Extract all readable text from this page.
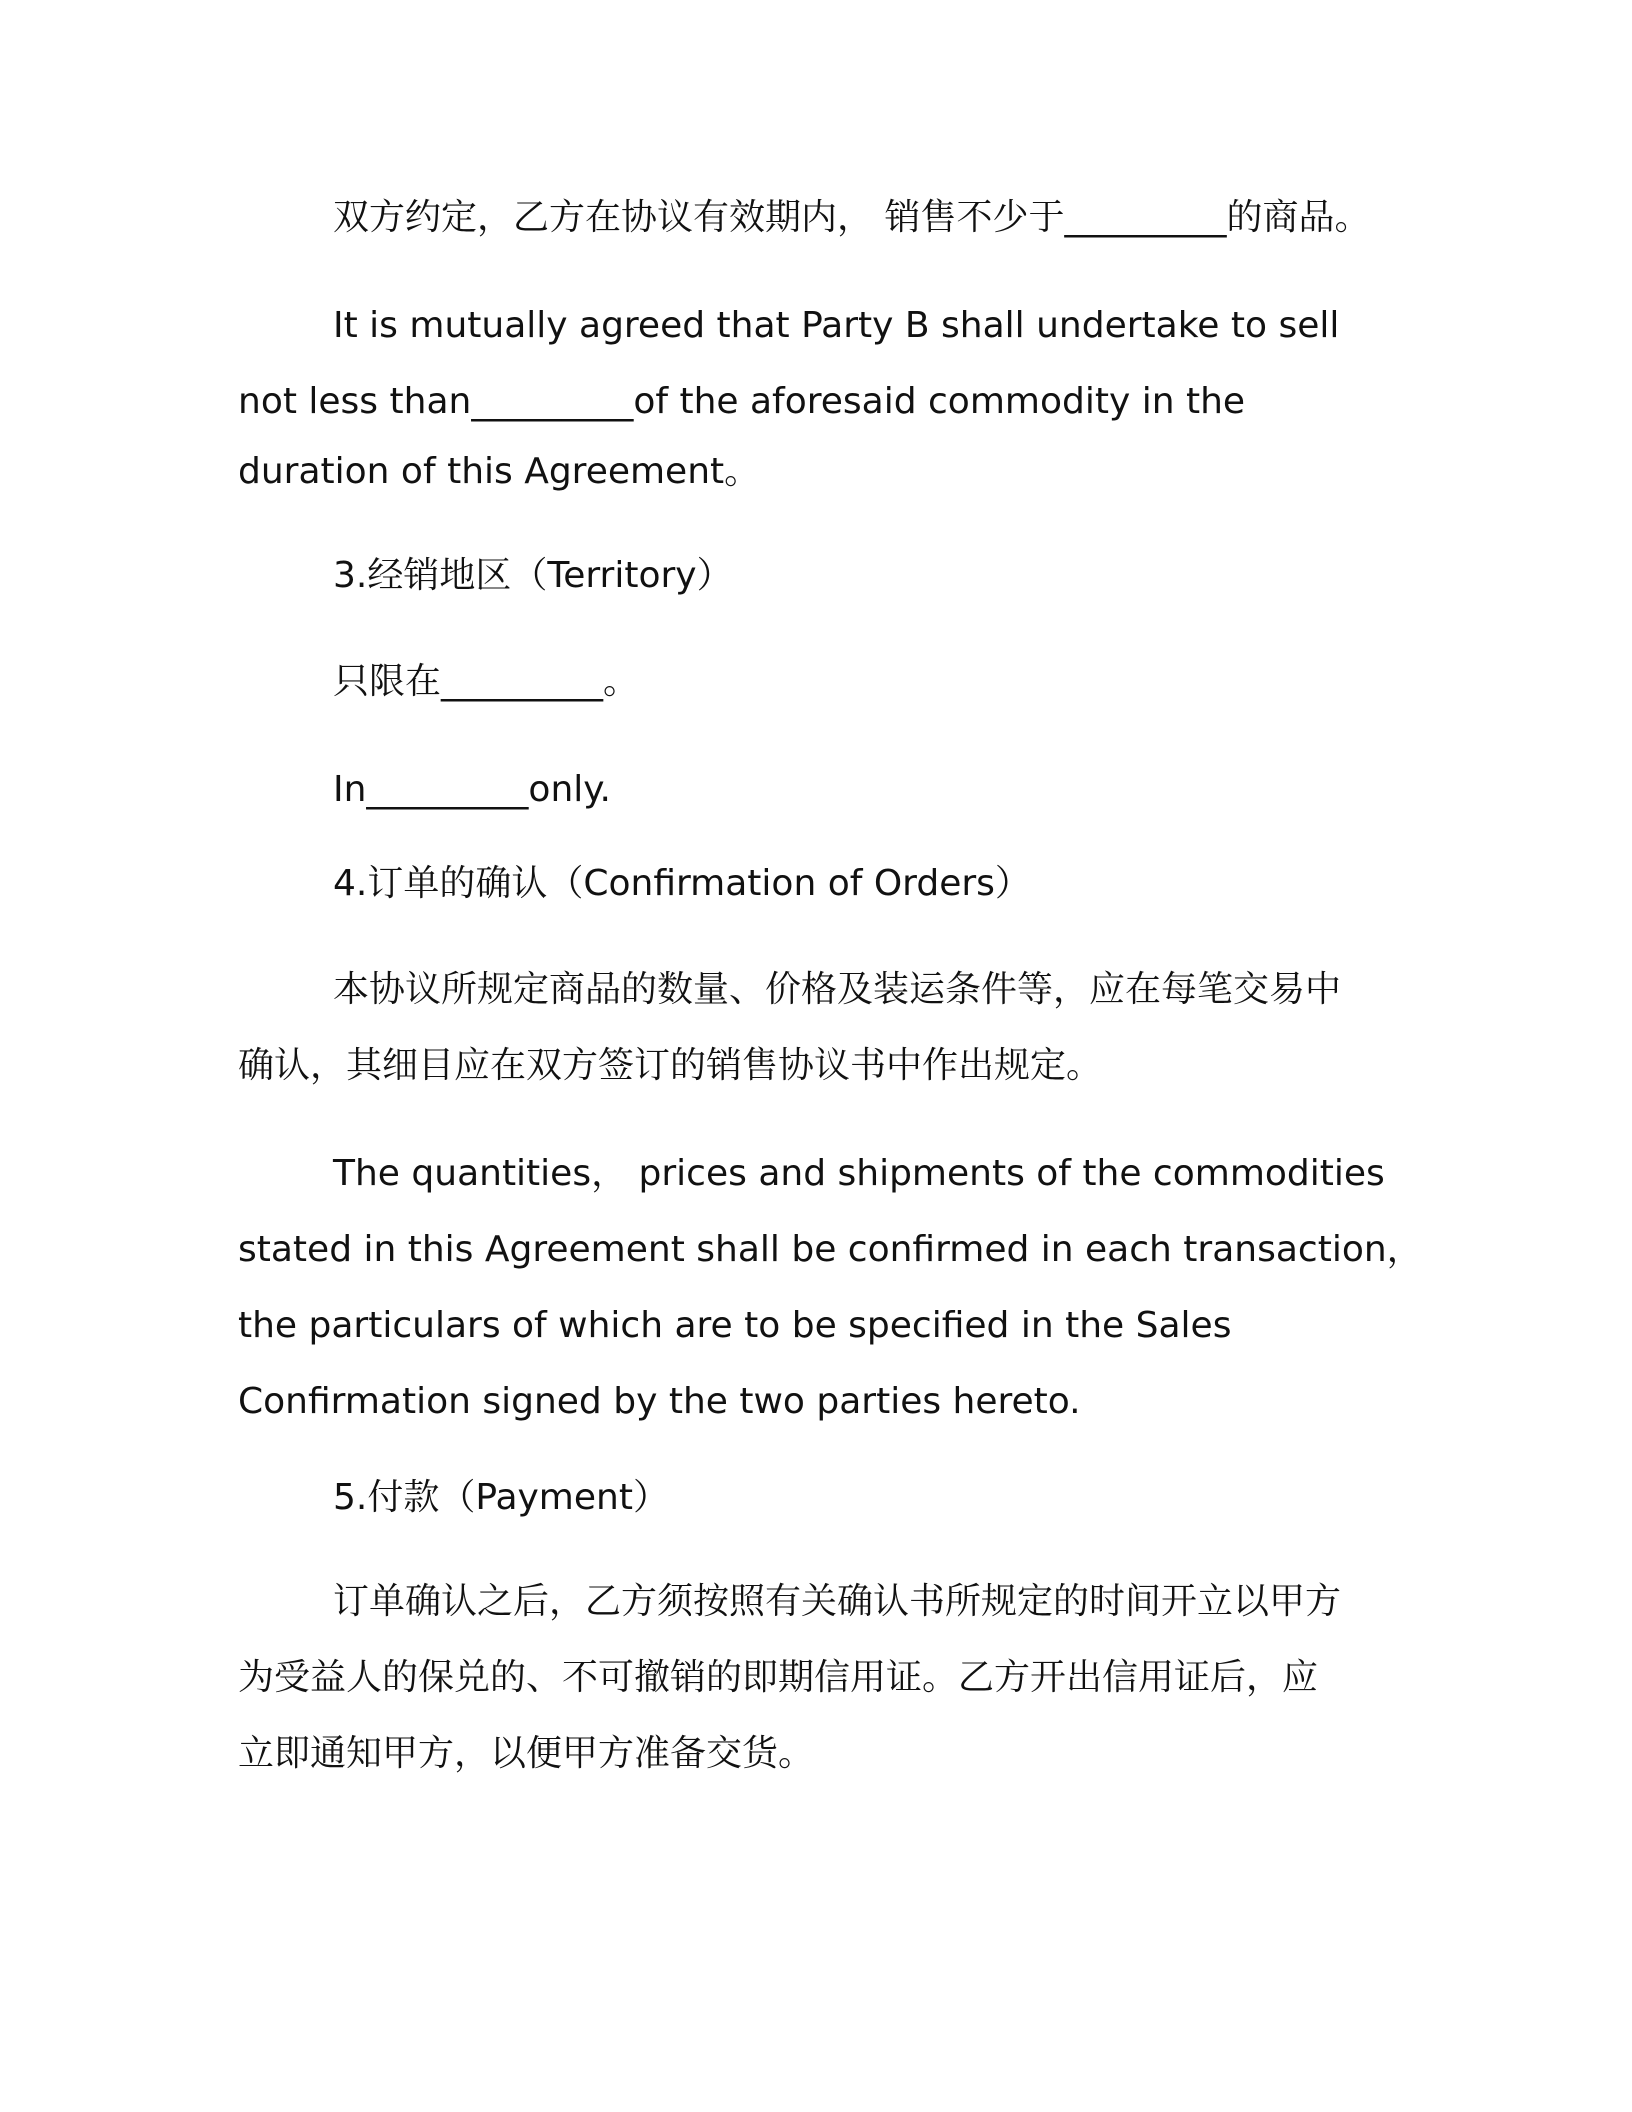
双方约定，乙方在协议有效期内， 销售不少于_________的商品。

It is mutually agreed that Party B shall undertake to sell

not less than_________of the aforesaid commodity in the

duration of this Agreement。

3.经销地区（Territory）

只限在_________。

In_________only.

4.订单的确认（Confirmation of Orders）

本协议所规定商品的数量、价格及装运条件等，应在每笔交易中

确认，其细目应在双方签订的销售协议书中作出规定。

The quantities， prices and shipments of the commodities

stated in this Agreement shall be confirmed in each transaction，

the particulars of which are to be specified in the Sales

Confirmation signed by the two parties hereto.

5.付款（Payment）

订单确认之后，乙方须按照有关确认书所规定的时间开立以甲方

为受益人的保兑的、不可撤销的即期信用证。乙方开出信用证后，应

立即通知甲方，以便甲方准备交货。
